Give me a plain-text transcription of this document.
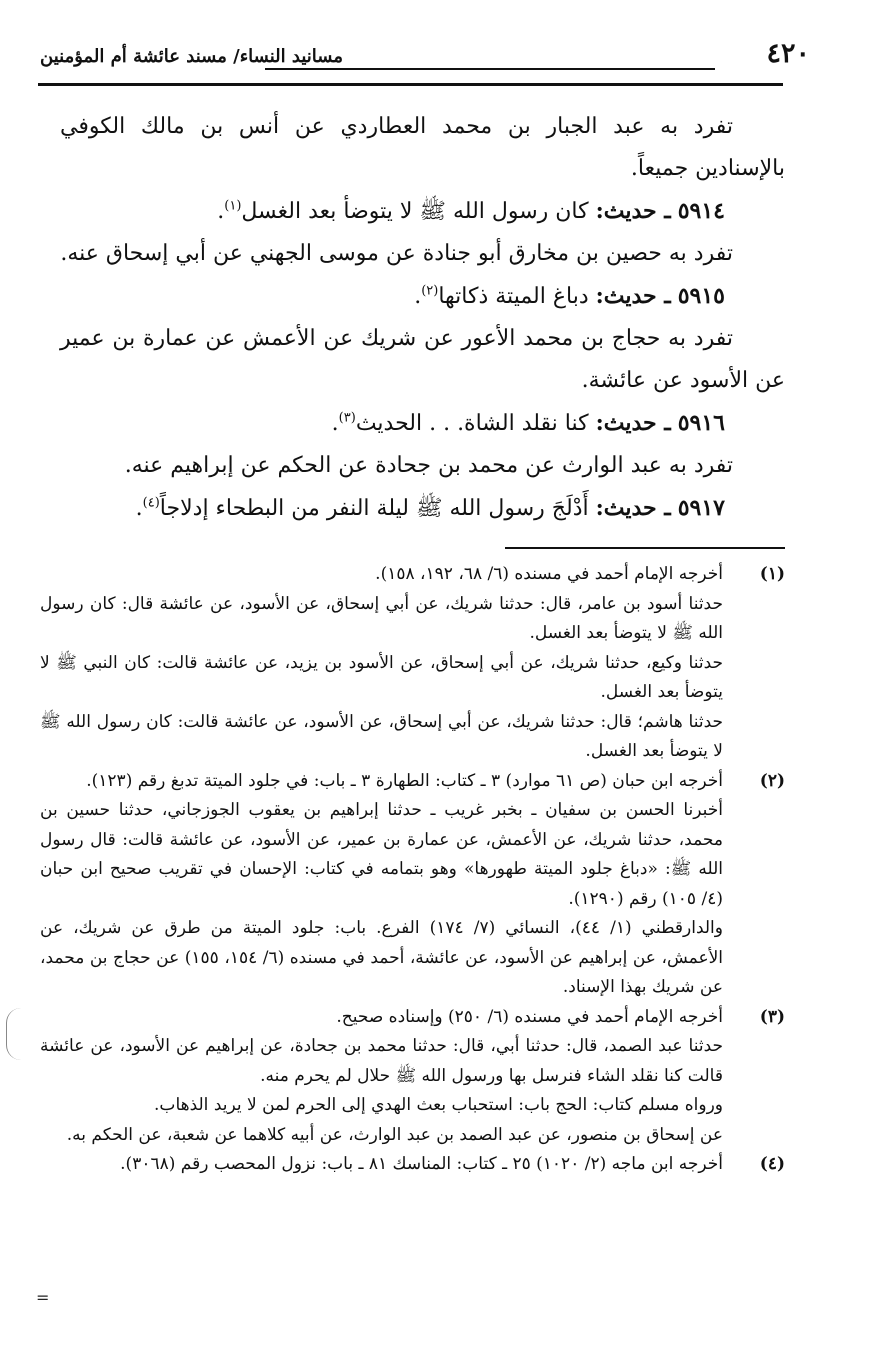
٤٢٠
مسانيد النساء/ مسند عائشة أم المؤمنين

تفرد به عبد الجبار بن محمد العطاردي عن أنس بن مالك الكوفي بالإسنادين جميعاً.

٥٩١٤ ـ حديث: كان رسول الله ﷺ لا يتوضأ بعد الغسل$^{(١)}$.

تفرد به حصين بن مخارق أبو جنادة عن موسى الجهني عن أبي إسحاق عنه.

٥٩١٥ ـ حديث: دباغ الميتة ذكاتها$^{(٢)}$.

تفرد به حجاج بن محمد الأعور عن شريك عن الأعمش عن عمارة بن عمير عن الأسود عن عائشة.

٥٩١٦ ـ حديث: كنا نقلد الشاة. . . الحديث$^{(٣)}$.

تفرد به عبد الوارث عن محمد بن جحادة عن الحكم عن إبراهيم عنه.

٥٩١٧ ـ حديث: أَدْلَجَ رسول الله ﷺ ليلة النفر من البطحاء إدلاجاً$^{(٤)}$.

(١)

أخرجه الإمام أحمد في مسنده (٦/ ٦٨، ١٩٢، ١٥٨).

حدثنا أسود بن عامر، قال: حدثنا شريك، عن أبي إسحاق، عن الأسود، عن عائشة قال: كان رسول الله ﷺ لا يتوضأ بعد الغسل.

حدثنا وكيع، حدثنا شريك، عن أبي إسحاق، عن الأسود بن يزيد، عن عائشة قالت: كان النبي ﷺ لا يتوضأ بعد الغسل.

حدثنا هاشم؛ قال: حدثنا شريك، عن أبي إسحاق، عن الأسود، عن عائشة قالت: كان رسول الله ﷺ لا يتوضأ بعد الغسل.

(٢)

أخرجه ابن حبان (ص ٦١ موارد) ٣ ـ كتاب: الطهارة ٣ ـ باب: في جلود الميتة تدبغ رقم (١٢٣).

أخبرنا الحسن بن سفيان ـ بخبر غريب ـ حدثنا إبراهيم بن يعقوب الجوزجاني، حدثنا حسين بن محمد، حدثنا شريك، عن الأعمش، عن عمارة بن عمير، عن الأسود، عن عائشة قالت: قال رسول الله ﷺ: «دباغ جلود الميتة طهورها» وهو بتمامه في كتاب: الإحسان في تقريب صحيح ابن حبان (٤/ ١٠٥) رقم (١٢٩٠).

والدارقطني (١/ ٤٤)، النسائي (٧/ ١٧٤) الفرع. باب: جلود الميتة من طرق عن شريك، عن الأعمش، عن إبراهيم عن الأسود، عن عائشة، أحمد في مسنده (٦/ ١٥٤، ١٥٥) عن حجاج بن محمد، عن شريك بهذا الإسناد.

(٣)

أخرجه الإمام أحمد في مسنده (٦/ ٢٥٠) وإسناده صحيح.

حدثنا عبد الصمد، قال: حدثنا أبي، قال: حدثنا محمد بن جحادة، عن إبراهيم عن الأسود، عن عائشة قالت كنا نقلد الشاء فنرسل بها ورسول الله ﷺ حلال لم يحرم منه.

ورواه مسلم كتاب: الحج باب: استحباب بعث الهدي إلى الحرم لمن لا يريد الذهاب.

عن إسحاق بن منصور، عن عبد الصمد بن عبد الوارث، عن أبيه كلاهما عن شعبة، عن الحكم به.

(٤)

أخرجه ابن ماجه (٢/ ١٠٢٠) ٢٥ ـ كتاب: المناسك ٨١ ـ باب: نزول المحصب رقم (٣٠٦٨).

=
